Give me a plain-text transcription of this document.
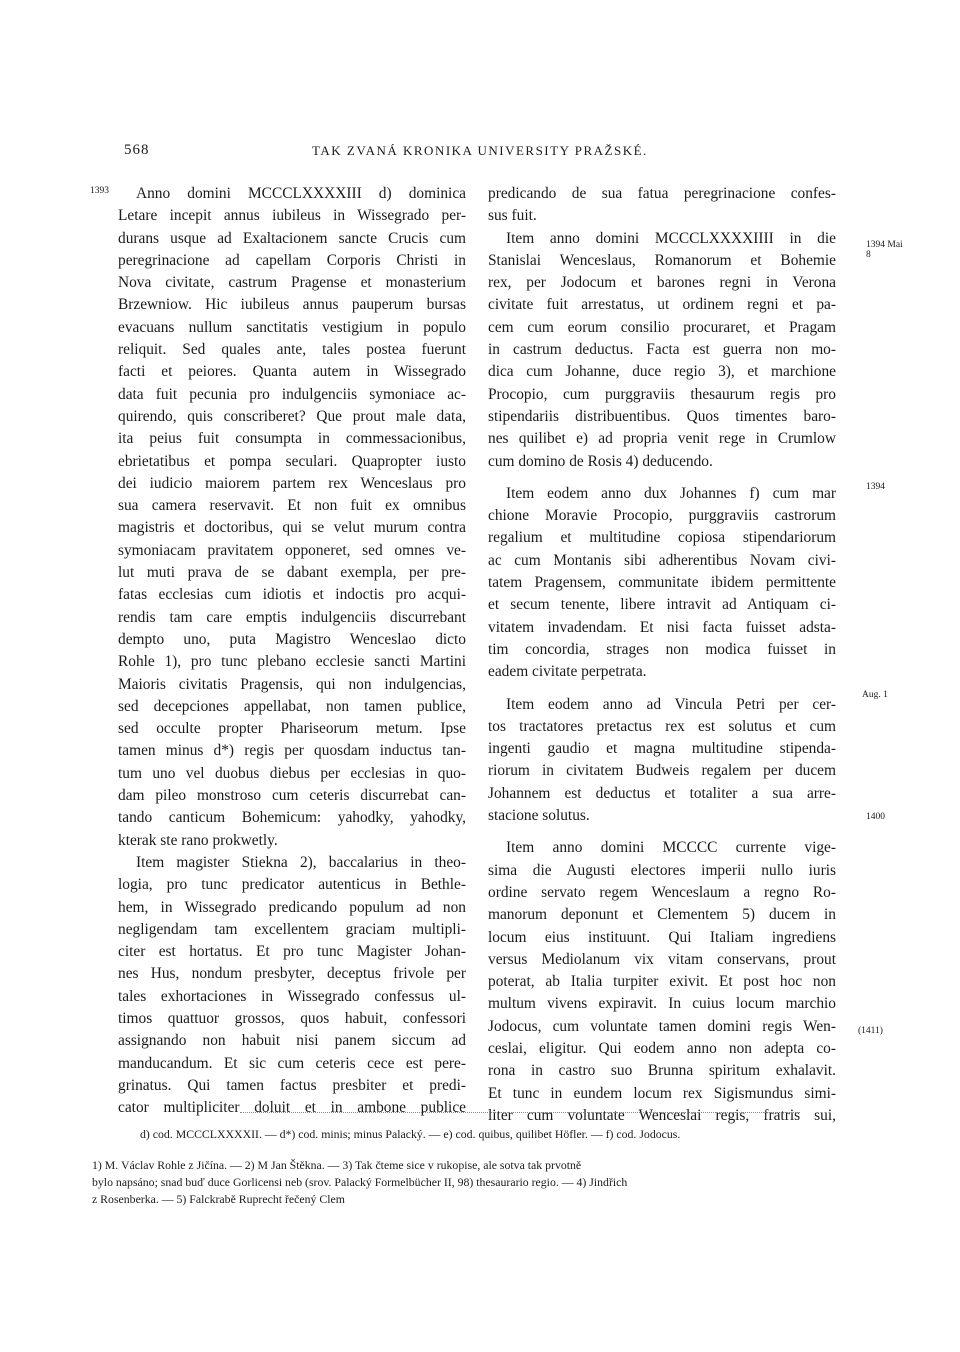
568	TAK ZVANÁ KRONIKA UNIVERSITY PRAŽSKÉ.
1393
1394 Mai 8
1394
Aug. 1
1400
(1411)
Anno domini MCCCLXXXXIII d) dominica
Letare incepit annus iubileus in Wissegrado per-
durans usque ad Exaltacionem sancte Crucis cum
peregrinacione ad capellam Corporis Christi in
Nova civitate, castrum Pragense et monasterium
Brzewniow. Hic iubileus annus pauperum bursas
evacuans nullum sanctitatis vestigium in populo
reliquit. Sed quales ante, tales postea fuerunt
facti et peiores. Quanta autem in Wissegrado
data fuit pecunia pro indulgenciis symoniace ac-
quirendo, quis conscriberet? Que prout male data,
ita peius fuit consumpta in commessacionibus,
ebrietatibus et pompa seculari. Quapropter iusto
dei iudicio maiorem partem rex Wenceslaus pro
sua camera reservavit. Et non fuit ex omnibus
magistris et doctoribus, qui se velut murum contra
symoniacam pravitatem opponeret, sed omnes ve-
lut muti prava de se dabant exempla, per pre-
fatas ecclesias cum idiotis et indoctis pro acqui-
rendis tam care emptis indulgenciis discurrebant
dempto uno, puta Magistro Wenceslao dicto
Rohle 1), pro tunc plebano ecclesie sancti Martini
Maioris civitatis Pragensis, qui non indulgencias,
sed decepciones appellabat, non tamen publice,
sed occulte propter Phariseorum metum. Ipse
tamen minus d*) regis per quosdam inductus tan-
tum uno vel duobus diebus per ecclesias in quo-
dam pileo monstroso cum ceteris discurrebat can-
tando canticum Bohemicum: yahodky, yahodky,
kterak ste rano prokwetly.
Item magister Stiekna 2), baccalarius in theo-
logia, pro tunc predicator autenticus in Bethle-
hem, in Wissegrado predicando populum ad non
negligendam tam excellentem graciam multipli-
citer est hortatus. Et pro tunc Magister Johan-
nes Hus, nondum presbyter, deceptus frivole per
tales exhortaciones in Wissegrado confessus ul-
timos quattuor grossos, quos habuit, confessori
assignando non habuit nisi panem siccum ad
manducandum. Et sic cum ceteris cece est pere-
grinatus. Qui tamen factus presbiter et predi-
cator multipliciter doluit et in ambone publice
predicando de sua fatua peregrinacione confes-
sus fuit.
Item anno domini MCCCLXXXXIIII in die
Stanislai Wenceslaus, Romanorum et Bohemie
rex, per Jodocum et barones regni in Verona
civitate fuit arrestatus, ut ordinem regni et pa-
cem cum eorum consilio procuraret, et Pragam
in castrum deductus. Facta est guerra non mo-
dica cum Johanne, duce regio 3), et marchione
Procopio, cum purggraviis thesaurum regis pro
stipendariis distribuentibus. Quos timentes baro-
nes quilibet e) ad propria venit rege in Crumlow
cum domino de Rosis 4) deducendo.
Item eodem anno dux Johannes f) cum mar
chione Moravie Procopio, purggraviis castrorum
regalium et multitudine copiosa stipendariorum
ac cum Montanis sibi adherentibus Novam civi-
tatem Pragensem, communitate ibidem permittente
et secum tenente, libere intravit ad Antiquam ci-
vitatem invadendam. Et nisi facta fuisset adsta-
tim concordia, strages non modica fuisset in
eadem civitate perpetrata.
Item eodem anno ad Vincula Petri per cer-
tos tractatores pretactus rex est solutus et cum
ingenti gaudio et magna multitudine stipenda-
riorum in civitatem Budweis regalem per ducem
Johannem est deductus et totaliter a sua arre-
stacione solutus.
Item anno domini MCCCC currente vige-
sima die Augusti electores imperii nullo iuris
ordine servato regem Wenceslaum a regno Ro-
manorum deponunt et Clementem 5) ducem in
locum eius instituunt. Qui Italiam ingrediens
versus Mediolanum vix vitam conservans, prout
poterat, ab Italia turpiter exivit. Et post hoc non
multum vivens expiravit. In cuius locum marchio
Jodocus, cum voluntate tamen domini regis Wen-
ceslai, eligitur. Qui eodem anno non adepta co-
rona in castro suo Brunna spiritum exhalavit.
Et tunc in eundem locum rex Sigismundus simi-
liter cum voluntate Wenceslai regis, fratris sui,
d) cod. MCCCLXXXXII. — d*) cod. minis; minus Palacký. — e) cod. quibus, quilibet Höfler. — f) cod. Jodocus.
1) M. Václav Rohle z Jičína. — 2) M Jan Štěkna. — 3) Tak čteme sice v rukopise, ale sotva tak prvotně
bylo napsáno; snad buď duce Gorlicensi neb (srov. Palacký Formelbücher II, 98) thesaurario regio. — 4) Jindřich
z Rosenberka. — 5) Falckrabě Ruprecht řečený Clem
